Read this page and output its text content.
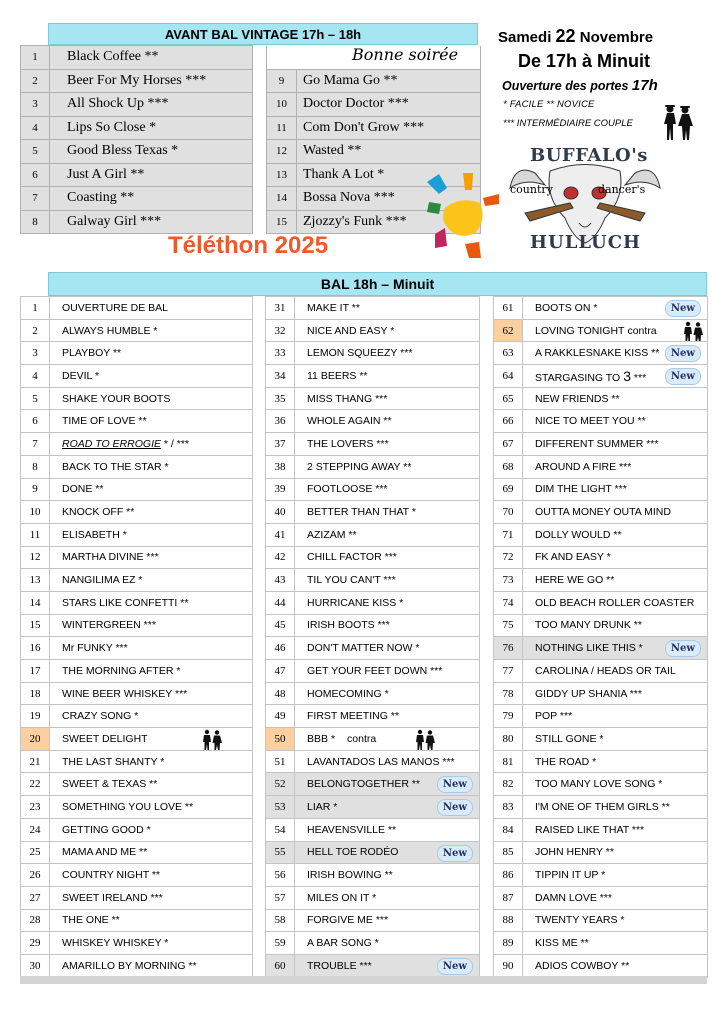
AVANT BAL VINTAGE 17h – 18h
1	Black Coffee **			
2	Beer For My Horses ***		9	Go Mama Go **
3	All Shock Up ***		10	Doctor Doctor ***
4	Lips So Close *		11	Com Don't Grow ***
5	Good Bless Texas *		12	Wasted **
6	Just A Girl **		13	Thank A Lot *
7	Coasting **		14	Bossa Nova ***
8	Galway Girl ***		15	Zjozzy's Funk ***
Bonne soirée
Samedi 22 Novembre
De 17h à Minuit
Ouverture des portes 17h
* FACILE ** NOVICE
*** INTERMÉDIAIRE COUPLE
BUFFALO's
country	dancer's
HULLUCH
Téléthon 2025
BAL 18h – Minuit
1	OUVERTURE DE BAL
2	ALWAYS HUMBLE *
3	PLAYBOY **
4	DEVIL *
5	SHAKE YOUR BOOTS
6	TIME OF LOVE **
7	ROAD TO ERROGIE * / ***
8	BACK TO THE STAR *
9	DONE **
10	KNOCK OFF **
11	ELISABETH *
12	MARTHA DIVINE ***
13	NANGILIMA EZ *
14	STARS LIKE CONFETTI **
15	WINTERGREEN ***
16	Mr FUNKY ***
17	THE MORNING AFTER *
18	WINE BEER WHISKEY ***
19	CRAZY SONG *
20	SWEET DELIGHT

21	THE LAST SHANTY *
22	SWEET & TEXAS **
23	SOMETHING YOU LOVE **
24	GETTING GOOD *
25	MAMA AND ME **
26	COUNTRY NIGHT **
27	SWEET IRELAND ***
28	THE ONE **
29	WHISKEY WHISKEY *
30	AMARILLO BY MORNING **
31	MAKE IT **
32	NICE AND EASY *
33	LEMON SQUEEZY ***
34	11 BEERS **
35	MISS THANG ***
36	WHOLE AGAIN **
37	THE LOVERS ***
38	2 STEPPING AWAY **
39	FOOTLOOSE ***
40	BETTER THAN THAT *
41	AZIZAM **
42	CHILL FACTOR ***
43	TIL YOU CAN'T ***
44	HURRICANE KISS *
45	IRISH BOOTS ***
46	DON'T MATTER NOW *
47	GET YOUR FEET DOWN ***
48	HOMECOMING *
49	FIRST MEETING **
50	BBB * contra

51	LAVANTADOS LAS MANOS ***
52	BELONGTOGETHER ** New

53	LIAR * New

54	HEAVENSVILLE **
55	HELL TOE RODÉO New

56	IRISH BOWING **
57	MILES ON IT *
58	FORGIVE ME ***
59	A BAR SONG *
60	TROUBLE *** New
61	BOOTS ON * New

62	LOVING TONIGHT contra

63	A RAKKLESNAKE KISS ** New

64	STARGASING TO 3 *** New

65	NEW FRIENDS **
66	NICE TO MEET YOU **
67	DIFFERENT SUMMER ***
68	AROUND A FIRE ***
69	DIM THE LIGHT ***
70	OUTTA MONEY OUTA MIND
71	DOLLY WOULD **
72	FK AND EASY *
73	HERE WE GO **
74	OLD BEACH ROLLER COASTER
75	TOO MANY DRUNK **
76	NOTHING LIKE THIS * New

77	CAROLINA / HEADS OR TAIL
78	GIDDY UP SHANIA ***
79	POP ***
80	STILL GONE *
81	THE ROAD *
82	TOO MANY LOVE SONG *
83	I'M ONE OF THEM GIRLS **
84	RAISED LIKE THAT ***
85	JOHN HENRY **
86	TIPPIN IT UP *
87	DAMN LOVE ***
88	TWENTY YEARS *
89	KISS ME **
90	ADIOS COWBOY **
